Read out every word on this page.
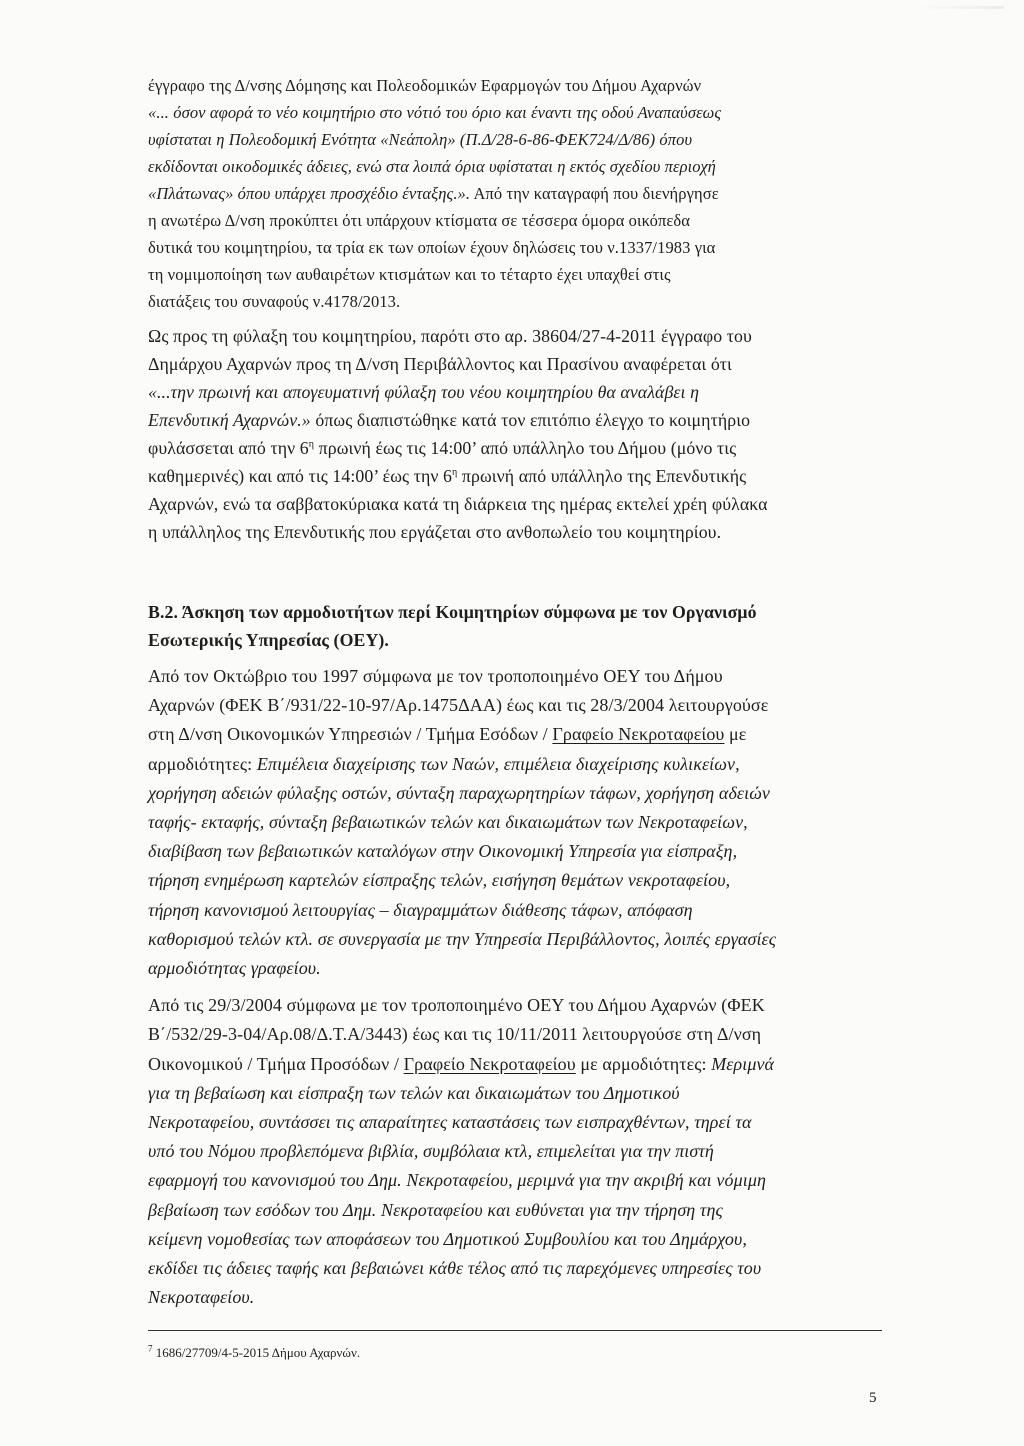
έγγραφο της Δ/νσης Δόμησης και Πολεοδομικών Εφαρμογών του Δήμου Αχαρνών

«... όσον αφορά το νέο κοιμητήριο στο νότιό του όριο και έναντι της οδού Αναπαύσεως

υφίσταται η Πολεοδομική Ενότητα «Νεάπολη» (Π.Δ/28-6-86-ΦΕΚ724/Δ/86) όπου

εκδίδονται οικοδομικές άδειες, ενώ στα λοιπά όρια υφίσταται η εκτός σχεδίου περιοχή

«Πλάτωνας» όπου υπάρχει προσχέδιο ένταξης.». Από την καταγραφή που διενήργησε

η ανωτέρω Δ/νση προκύπτει ότι υπάρχουν κτίσματα σε τέσσερα όμορα οικόπεδα

δυτικά του κοιμητηρίου, τα τρία εκ των οποίων έχουν δηλώσεις του ν.1337/1983 για

τη νομιμοποίηση των αυθαιρέτων κτισμάτων και το τέταρτο έχει υπαχθεί στις

διατάξεις του συναφούς ν.4178/2013.

Ως προς τη φύλαξη του κοιμητηρίου, παρότι στο αρ. 38604/27-4-2011 έγγραφο του

Δημάρχου Αχαρνών προς τη Δ/νση Περιβάλλοντος και Πρασίνου αναφέρεται ότι

«...την πρωινή και απογευματινή φύλαξη του νέου κοιμητηρίου θα αναλάβει η

Επενδυτική Αχαρνών.» όπως διαπιστώθηκε κατά τον επιτόπιο έλεγχο το κοιμητήριο

φυλάσσεται από την $6^\eta$ πρωινή έως τις 14:00’ από υπάλληλο του Δήμου (μόνο τις

καθημερινές) και από τις 14:00’ έως την $6^\eta$ πρωινή από υπάλληλο της Επενδυτικής

Αχαρνών, ενώ τα σαββατοκύριακα κατά τη διάρκεια της ημέρας εκτελεί χρέη φύλακα

η υπάλληλος της Επενδυτικής που εργάζεται στο ανθοπωλείο του κοιμητηρίου.

Β.2. Άσκηση των αρμοδιοτήτων περί Κοιμητηρίων σύμφωνα με τον Οργανισμό

Εσωτερικής Υπηρεσίας (ΟΕΥ).

Από τον Οκτώβριο του 1997 σύμφωνα με τον τροποποιημένο ΟΕΥ του Δήμου

Αχαρνών (ΦΕΚ Β΄/931/22-10-97/Αρ.1475ΔΑΑ) έως και τις 28/3/2004 λειτουργούσε

στη Δ/νση Οικονομικών Υπηρεσιών / Τμήμα Εσόδων / Γραφείο Νεκροταφείου με

αρμοδιότητες: Επιμέλεια διαχείρισης των Ναών, επιμέλεια διαχείρισης κυλικείων,

χορήγηση αδειών φύλαξης οστών, σύνταξη παραχωρητηρίων τάφων, χορήγηση αδειών

ταφής- εκταφής, σύνταξη βεβαιωτικών τελών και δικαιωμάτων των Νεκροταφείων,

διαβίβαση των βεβαιωτικών καταλόγων στην Οικονομική Υπηρεσία για είσπραξη,

τήρηση ενημέρωση καρτελών είσπραξης τελών, εισήγηση θεμάτων νεκροταφείου,

τήρηση κανονισμού λειτουργίας – διαγραμμάτων διάθεσης τάφων, απόφαση

καθορισμού τελών κτλ. σε συνεργασία με την Υπηρεσία Περιβάλλοντος, λοιπές εργασίες

αρμοδιότητας γραφείου.

Από τις 29/3/2004 σύμφωνα με τον τροποποιημένο ΟΕΥ του Δήμου Αχαρνών (ΦΕΚ

Β΄/532/29-3-04/Αρ.08/Δ.Τ.Α/3443) έως και τις 10/11/2011 λειτουργούσε στη Δ/νση

Οικονομικού / Τμήμα Προσόδων / Γραφείο Νεκροταφείου με αρμοδιότητες: Μεριμνά

για τη βεβαίωση και είσπραξη των τελών και δικαιωμάτων του Δημοτικού

Νεκροταφείου, συντάσσει τις απαραίτητες καταστάσεις των εισπραχθέντων, τηρεί τα

υπό του Νόμου προβλεπόμενα βιβλία, συμβόλαια κτλ, επιμελείται για την πιστή

εφαρμογή του κανονισμού του Δημ. Νεκροταφείου, μεριμνά για την ακριβή και νόμιμη

βεβαίωση των εσόδων του Δημ. Νεκροταφείου και ευθύνεται για την τήρηση της

κείμενη νομοθεσίας των αποφάσεων του Δημοτικού Συμβουλίου και του Δημάρχου,

εκδίδει τις άδειες ταφής και βεβαιώνει κάθε τέλος από τις παρεχόμενες υπηρεσίες του

Νεκροταφείου.

$^7$ 1686/27709/4-5-2015 Δήμου Αχαρνών.
5
